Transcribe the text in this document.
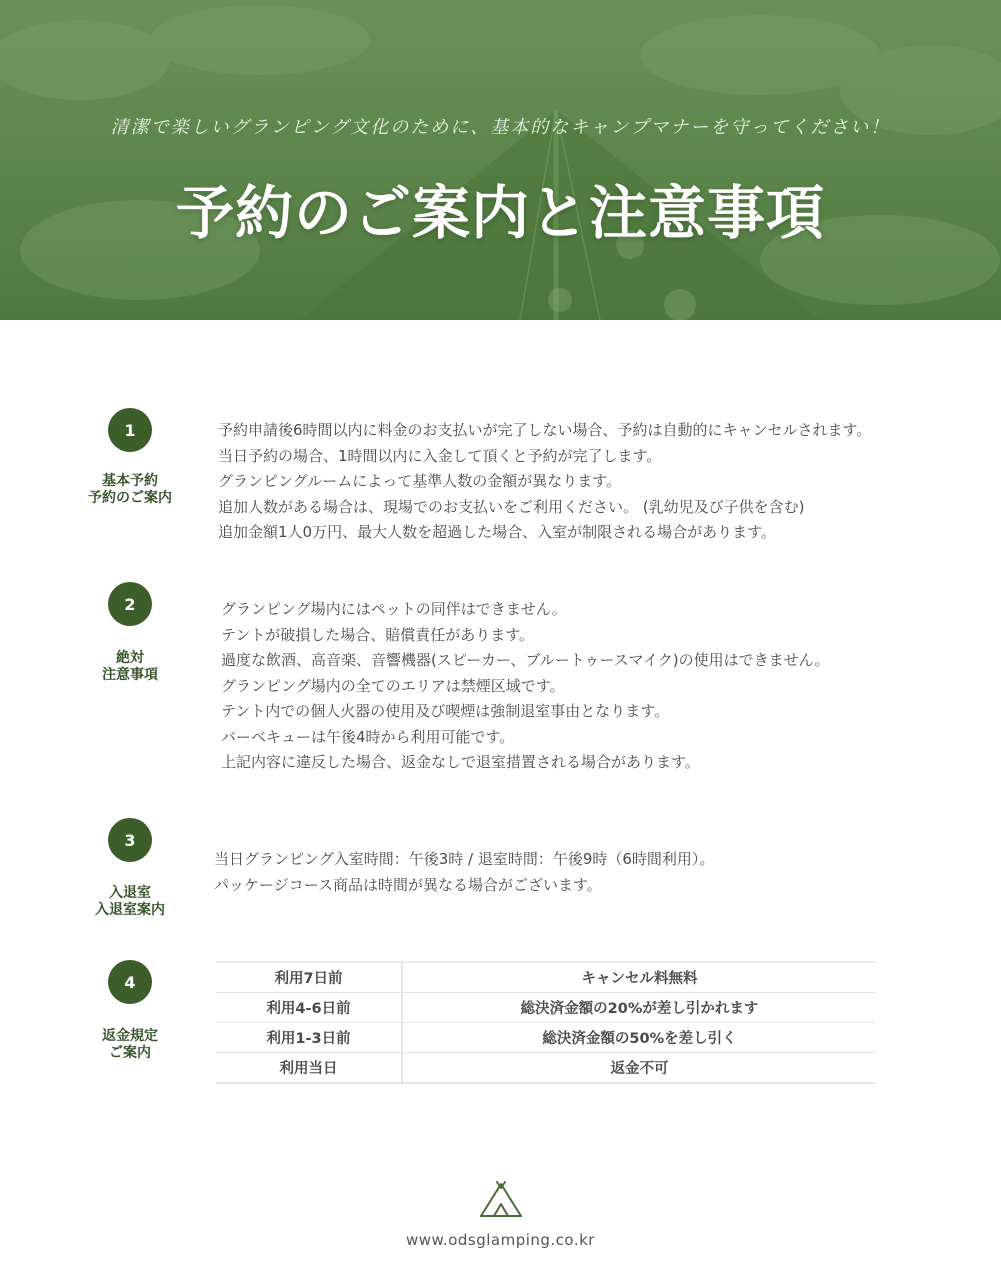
清潔で楽しいグランピング文化のために、基本的なキャンプマナーを守ってください！
予約のご案内と注意事項
1
基本予約
予約のご案内
予約申請後6時間以内に料金のお支払いが完了しない場合、予約は自動的にキャンセルされます。
当日予約の場合、1時間以内に入金して頂くと予約が完了します。
グランピングルームによって基準人数の金額が異なります。
追加人数がある場合は、現場でのお支払いをご利用ください。 (乳幼児及び子供を含む)
追加金額1人0万円、最大人数を超過した場合、入室が制限される場合があります。
2
絶対
注意事項
グランピング場内にはペットの同伴はできません。
テントが破損した場合、賠償責任があります。
過度な飲酒、高音楽、音響機器(スピーカー、ブルートゥースマイク)の使用はできません。
グランピング場内の全てのエリアは禁煙区域です。
テント内での個人火器の使用及び喫煙は強制退室事由となります。
バーベキューは午後4時から利用可能です。
上記内容に違反した場合、返金なしで退室措置される場合があります。
3
入退室
入退室案内
当日グランピング入室時間：午後3時 / 退室時間：午後9時（6時間利用）。
パッケージコース商品は時間が異なる場合がございます。
4
返金規定
ご案内
利用7日前	キャンセル料無料
利用4-6日前	総決済金額の20%が差し引かれます
利用1-3日前	総決済金額の50%を差し引く
利用当日	返金不可
www.odsglamping.co.kr
